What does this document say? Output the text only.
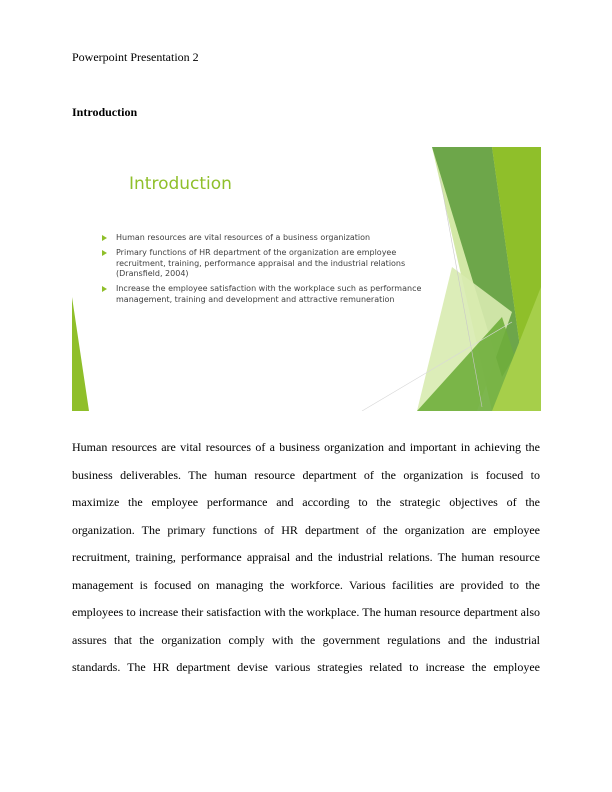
Powerpoint Presentation 2
Introduction
Introduction
Human resources are vital resources of a business organization
Primary functions of HR department of the organization are employee recruitment, training, performance appraisal and the industrial relations (Dransfield, 2004)
Increase the employee satisfaction with the workplace such as performance management, training and development and attractive remuneration

Human resources are vital resources of a business organization and important in achieving the business deliverables. The human resource department of the organization is focused to maximize the employee performance and according to the strategic objectives of the organization. The primary functions of HR department of the organization are employee recruitment, training, performance appraisal and the industrial relations. The human resource management is focused on managing the workforce. Various facilities are provided to the employees to increase their satisfaction with the workplace. The human resource department also assures that the organization comply with the government regulations and the industrial standards. The HR department devise various strategies related to increase the employee
